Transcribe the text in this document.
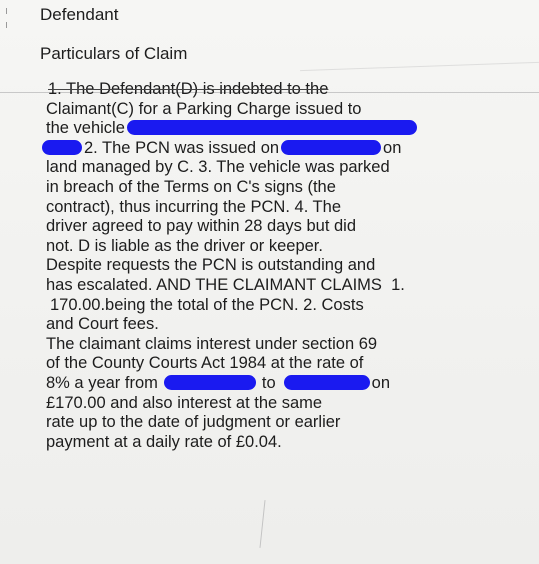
Defendant
Particulars of Claim
1. The Defendant(D) is indebted to the
Claimant(C) for a Parking Charge issued to
the vehicle
2. The PCN was issued on	on
land managed by C. 3. The vehicle was parked
in breach of the Terms on C's signs (the
contract), thus incurring the PCN. 4. The
driver agreed to pay within 28 days but did
not. D is liable as the driver or keeper.
Despite requests the PCN is outstanding and
has escalated. AND THE CLAIMANT CLAIMS  1.
170.00.being the total of the PCN. 2. Costs
and Court fees.
The claimant claims interest under section 69
of the County Courts Act 1984 at the rate of
8% a year from	to	on
£170.00 and also interest at the same
rate up to the date of judgment or earlier
payment at a daily rate of £0.04.
